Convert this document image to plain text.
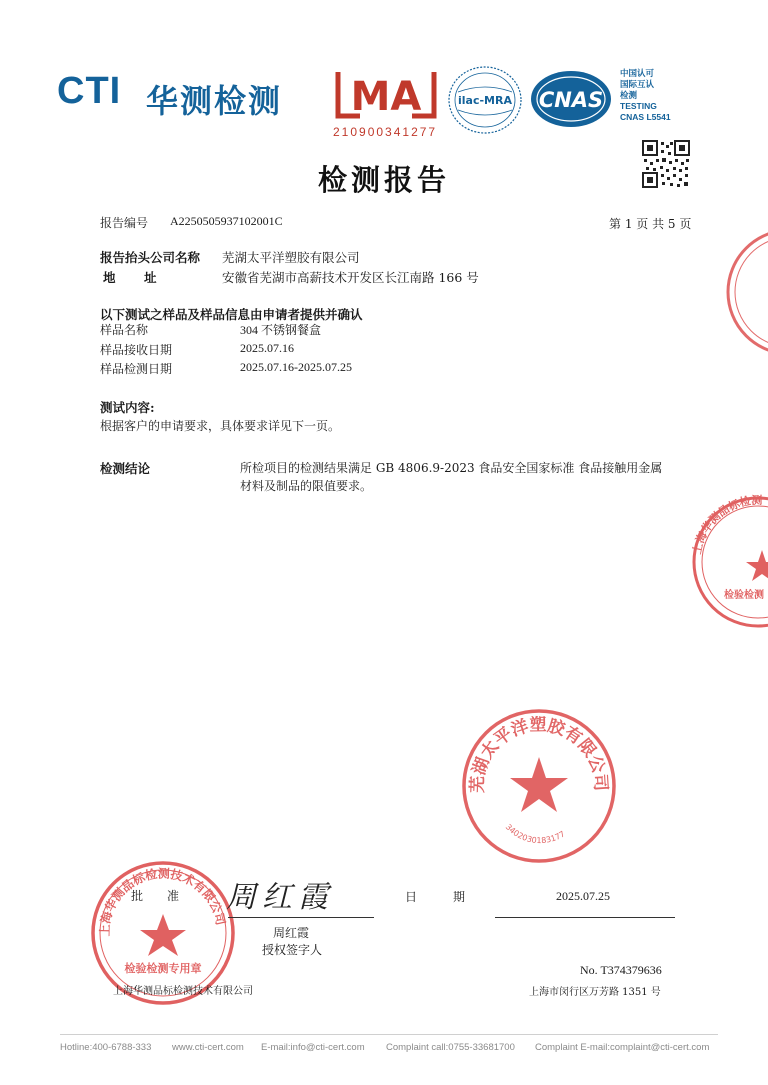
CTI 华测检测 MA
210900341277
ilac-MRA CNAS
中国认可
国际互认
检测
TESTING
CNAS L5541
检测报告
报告编号 A2250505937102001C	第 1 页 共 5 页
报告抬头公司名称 芜湖太平洋塑胶有限公司
地　址	安徽省芜湖市高薪技术开发区长江南路 166 号
以下测试之样品及样品信息由申请者提供并确认
样品名称	304 不锈钢餐盒
样品接收日期	2025.07.16
样品检测日期	2025.07.16-2025.07.25
测试内容:
根据客户的申请要求，具体要求详见下一页。
检测结论	所检项目的检测结果满足 GB 4806.9-2023 食品安全国家标准 食品接触用金属
材料及制品的限值要求。
上海华测品标检测
检验检测
芜湖太平洋塑胶有限公司
3402030183177
上海华测品标检测技术有限公司
检验检测专用章
批　准 周红霞	日　期	2025.07.25
周红霞
授权签字人
上海华测品标检测技术有限公司
No. T374379636
上海市闵行区万芳路 1351 号
Hotline:400-6788-333 www.cti-cert.com E-mail:info@cti-cert.com Complaint call:0755-33681700 Complaint E-mail:complaint@cti-cert.com
